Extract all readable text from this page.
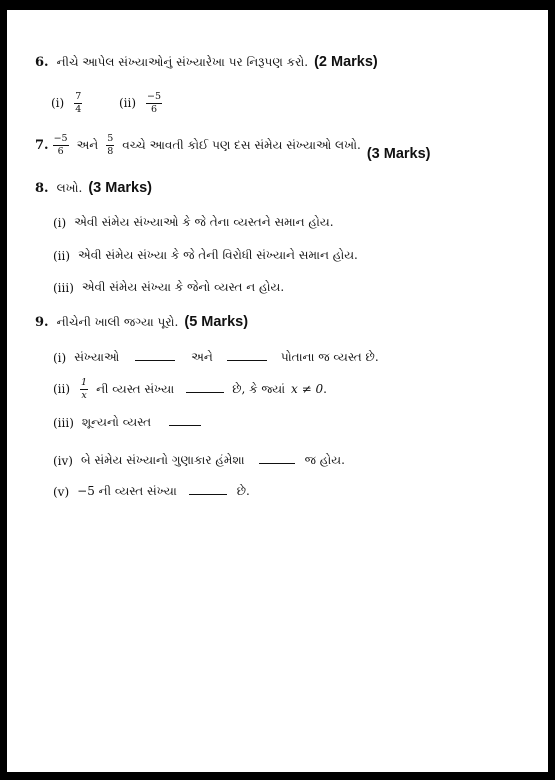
6. નીચે આપેલ સંખ્યાઓનું સંખ્યારેખા પર નિરૂપણ કરો. (2 Marks)
$(i) \frac{7}{4}$	$(ii) \frac{-5}{6}$
7. $\frac{-5}{6}$ અને $\frac{5}{8}$ વચ્ચે આવતી કોઈ પણ દસ સંમેય સંખ્યાઓ લખો.
(3 Marks)
8. લખો. (3 Marks)
(i) એવી સંમેય સંખ્યાઓ કે જે તેના વ્યસ્તને સમાન હોય.
(ii) એવી સંમેય સંખ્યા કે જે તેની વિરોધી સંખ્યાને સમાન હોય.
(iii) એવી સંમેય સંખ્યા કે જેનો વ્યસ્ત ન હોય.
9. નીચેની ખાલી જગ્યા પૂરો. (5 Marks)
(i) સંખ્યાઓ	અને	પોતાના જ વ્યસ્ત છે.
$(ii) \frac{1}{x}$ ની વ્યસ્ત સંખ્યા	છે, કે જ્યાં x ≠ 0 .
(iii) શૂન્યનો વ્યસ્ત
(iv) બે સંમેય સંખ્યાનો ગુણાકાર હંમેશા	જ હોય.
(v) −5 ની વ્યસ્ત સંખ્યા	છે.
